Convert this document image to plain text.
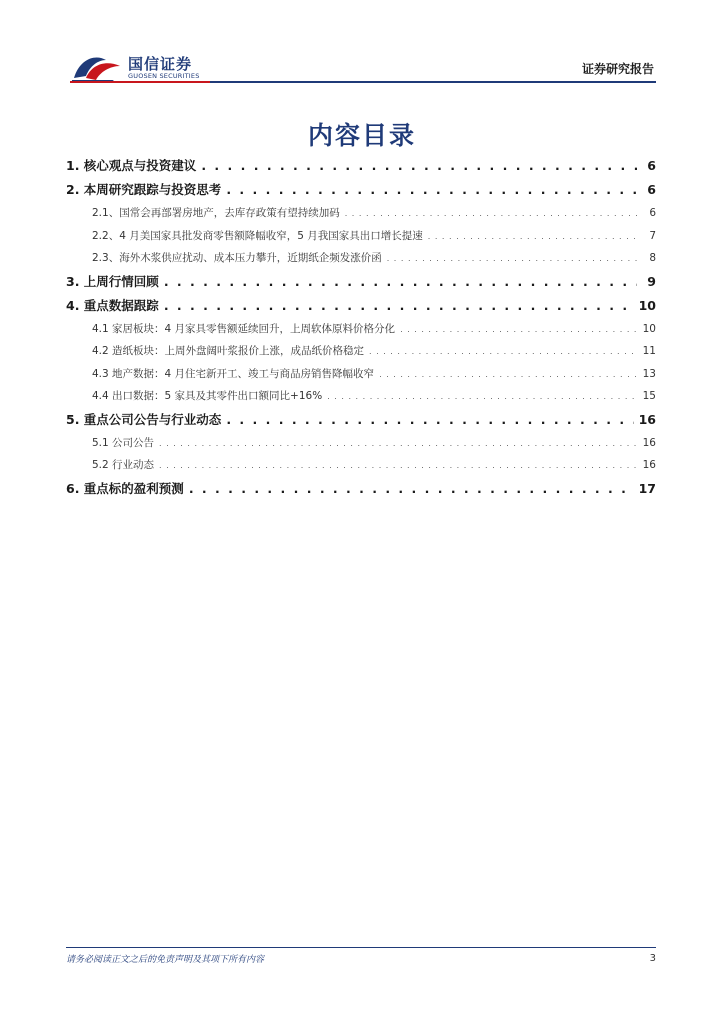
国信证券
GUOSEN SECURITIES	证券研究报告
内容目录
1. 核心观点与投资建议 . . .	6
2. 本周研究跟踪与投资思考 . . .	6
2.1、国常会再部署房地产，去库存政策有望持续加码 . . .	6
2.2、4 月美国家具批发商零售额降幅收窄，5 月我国家具出口增长提速 . . .	7
2.3、海外木浆供应扰动、成本压力攀升，近期纸企频发涨价函 . . .	8
3. 上周行情回顾 . . .	9
4. 重点数据跟踪 . . .	10
4.1 家居板块：4 月家具零售额延续回升，上周软体原料价格分化 . . .	10
4.2 造纸板块：上周外盘阔叶浆报价上涨，成品纸价格稳定 . . .	11
4.3 地产数据：4 月住宅新开工、竣工与商品房销售降幅收窄 . . .	13
4.4 出口数据：5 家具及其零件出口额同比+16% . . .	15
5. 重点公司公告与行业动态 . . .	16
5.1 公司公告 . . .	16
5.2 行业动态 . . .	16
6. 重点标的盈利预测 . . .	17
请务必阅读正文之后的免责声明及其项下所有内容	3
